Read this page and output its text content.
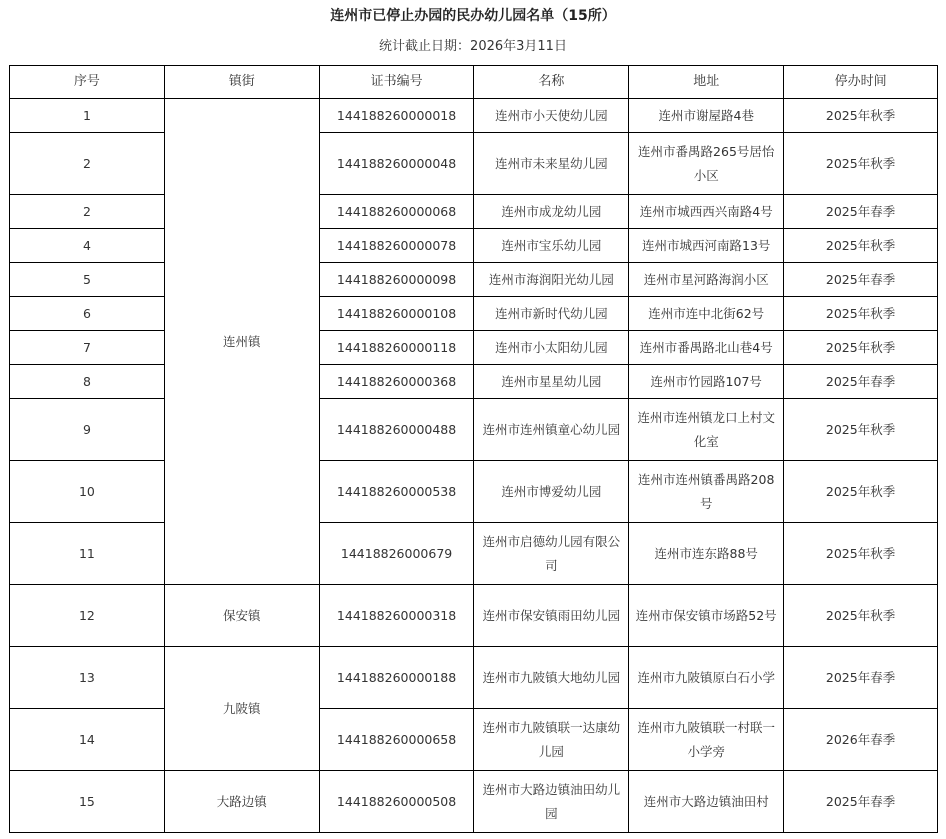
连州市已停止办园的民办幼儿园名单（15所）
统计截止日期：2026年3月11日
序号	镇街	证书编号	名称	地址	停办时间
1	连州镇	144188260000018	连州市小天使幼儿园	连州市谢屋路4巷	2025年秋季
2		144188260000048	连州市未来星幼儿园	连州市番禺路265号居怡小区	2025年秋季
2		144188260000068	连州市成龙幼儿园	连州市城西西兴南路4号	2025年春季
4		144188260000078	连州市宝乐幼儿园	连州市城西河南路13号	2025年秋季
5		144188260000098	连州市海润阳光幼儿园	连州市星河路海润小区	2025年春季
6		144188260000108	连州市新时代幼儿园	连州市连中北街62号	2025年秋季
7		144188260000118	连州市小太阳幼儿园	连州市番禺路北山巷4号	2025年秋季
8		144188260000368	连州市星星幼儿园	连州市竹园路107号	2025年春季
9		144188260000488	连州市连州镇童心幼儿园	连州市连州镇龙口上村文化室	2025年秋季
10		144188260000538	连州市博爱幼儿园	连州市连州镇番禺路208号	2025年秋季
11		14418826000679	连州市启德幼儿园有限公司	连州市连东路88号	2025年秋季
12	保安镇	144188260000318	连州市保安镇雨田幼儿园	连州市保安镇市场路52号	2025年秋季
13	九陂镇	144188260000188	连州市九陂镇大地幼儿园	连州市九陂镇原白石小学	2025年春季
14		144188260000658	连州市九陂镇联一达康幼儿园	连州市九陂镇联一村联一小学旁	2026年春季
15	大路边镇	144188260000508	连州市大路边镇油田幼儿园	连州市大路边镇油田村	2025年春季
